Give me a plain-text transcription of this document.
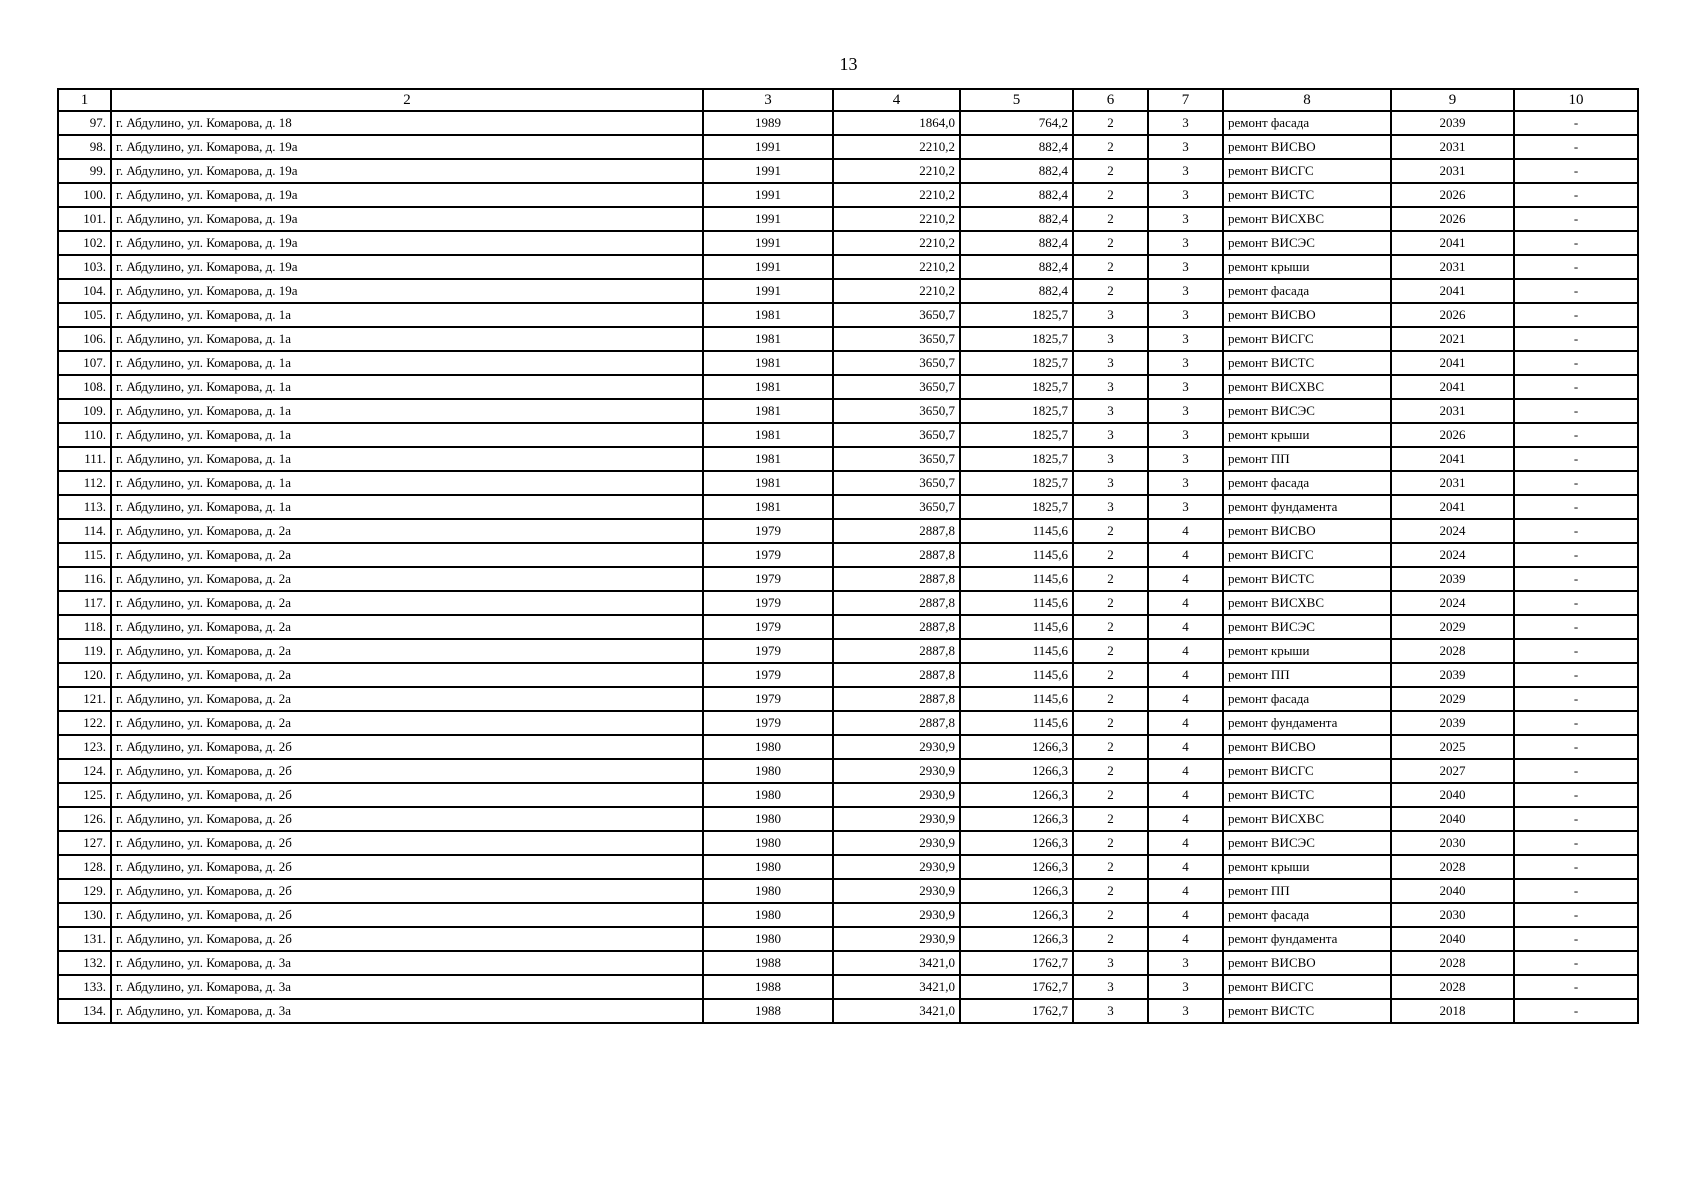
13
1	2	3	4	5	6	7	8	9	10
97.	г. Абдулино, ул. Комарова, д. 18	1989	1864,0	764,2	2	3	ремонт фасада	2039	-
98.	г. Абдулино, ул. Комарова, д. 19а	1991	2210,2	882,4	2	3	ремонт ВИСВО	2031	-
99.	г. Абдулино, ул. Комарова, д. 19а	1991	2210,2	882,4	2	3	ремонт ВИСГС	2031	-
100.	г. Абдулино, ул. Комарова, д. 19а	1991	2210,2	882,4	2	3	ремонт ВИСТС	2026	-
101.	г. Абдулино, ул. Комарова, д. 19а	1991	2210,2	882,4	2	3	ремонт ВИСХВС	2026	-
102.	г. Абдулино, ул. Комарова, д. 19а	1991	2210,2	882,4	2	3	ремонт ВИСЭС	2041	-
103.	г. Абдулино, ул. Комарова, д. 19а	1991	2210,2	882,4	2	3	ремонт крыши	2031	-
104.	г. Абдулино, ул. Комарова, д. 19а	1991	2210,2	882,4	2	3	ремонт фасада	2041	-
105.	г. Абдулино, ул. Комарова, д. 1а	1981	3650,7	1825,7	3	3	ремонт ВИСВО	2026	-
106.	г. Абдулино, ул. Комарова, д. 1а	1981	3650,7	1825,7	3	3	ремонт ВИСГС	2021	-
107.	г. Абдулино, ул. Комарова, д. 1а	1981	3650,7	1825,7	3	3	ремонт ВИСТС	2041	-
108.	г. Абдулино, ул. Комарова, д. 1а	1981	3650,7	1825,7	3	3	ремонт ВИСХВС	2041	-
109.	г. Абдулино, ул. Комарова, д. 1а	1981	3650,7	1825,7	3	3	ремонт ВИСЭС	2031	-
110.	г. Абдулино, ул. Комарова, д. 1а	1981	3650,7	1825,7	3	3	ремонт крыши	2026	-
111.	г. Абдулино, ул. Комарова, д. 1а	1981	3650,7	1825,7	3	3	ремонт ПП	2041	-
112.	г. Абдулино, ул. Комарова, д. 1а	1981	3650,7	1825,7	3	3	ремонт фасада	2031	-
113.	г. Абдулино, ул. Комарова, д. 1а	1981	3650,7	1825,7	3	3	ремонт фундамента	2041	-
114.	г. Абдулино, ул. Комарова, д. 2а	1979	2887,8	1145,6	2	4	ремонт ВИСВО	2024	-
115.	г. Абдулино, ул. Комарова, д. 2а	1979	2887,8	1145,6	2	4	ремонт ВИСГС	2024	-
116.	г. Абдулино, ул. Комарова, д. 2а	1979	2887,8	1145,6	2	4	ремонт ВИСТС	2039	-
117.	г. Абдулино, ул. Комарова, д. 2а	1979	2887,8	1145,6	2	4	ремонт ВИСХВС	2024	-
118.	г. Абдулино, ул. Комарова, д. 2а	1979	2887,8	1145,6	2	4	ремонт ВИСЭС	2029	-
119.	г. Абдулино, ул. Комарова, д. 2а	1979	2887,8	1145,6	2	4	ремонт крыши	2028	-
120.	г. Абдулино, ул. Комарова, д. 2а	1979	2887,8	1145,6	2	4	ремонт ПП	2039	-
121.	г. Абдулино, ул. Комарова, д. 2а	1979	2887,8	1145,6	2	4	ремонт фасада	2029	-
122.	г. Абдулино, ул. Комарова, д. 2а	1979	2887,8	1145,6	2	4	ремонт фундамента	2039	-
123.	г. Абдулино, ул. Комарова, д. 2б	1980	2930,9	1266,3	2	4	ремонт ВИСВО	2025	-
124.	г. Абдулино, ул. Комарова, д. 2б	1980	2930,9	1266,3	2	4	ремонт ВИСГС	2027	-
125.	г. Абдулино, ул. Комарова, д. 2б	1980	2930,9	1266,3	2	4	ремонт ВИСТС	2040	-
126.	г. Абдулино, ул. Комарова, д. 2б	1980	2930,9	1266,3	2	4	ремонт ВИСХВС	2040	-
127.	г. Абдулино, ул. Комарова, д. 2б	1980	2930,9	1266,3	2	4	ремонт ВИСЭС	2030	-
128.	г. Абдулино, ул. Комарова, д. 2б	1980	2930,9	1266,3	2	4	ремонт крыши	2028	-
129.	г. Абдулино, ул. Комарова, д. 2б	1980	2930,9	1266,3	2	4	ремонт ПП	2040	-
130.	г. Абдулино, ул. Комарова, д. 2б	1980	2930,9	1266,3	2	4	ремонт фасада	2030	-
131.	г. Абдулино, ул. Комарова, д. 2б	1980	2930,9	1266,3	2	4	ремонт фундамента	2040	-
132.	г. Абдулино, ул. Комарова, д. 3а	1988	3421,0	1762,7	3	3	ремонт ВИСВО	2028	-
133.	г. Абдулино, ул. Комарова, д. 3а	1988	3421,0	1762,7	3	3	ремонт ВИСГС	2028	-
134.	г. Абдулино, ул. Комарова, д. 3а	1988	3421,0	1762,7	3	3	ремонт ВИСТС	2018	-
